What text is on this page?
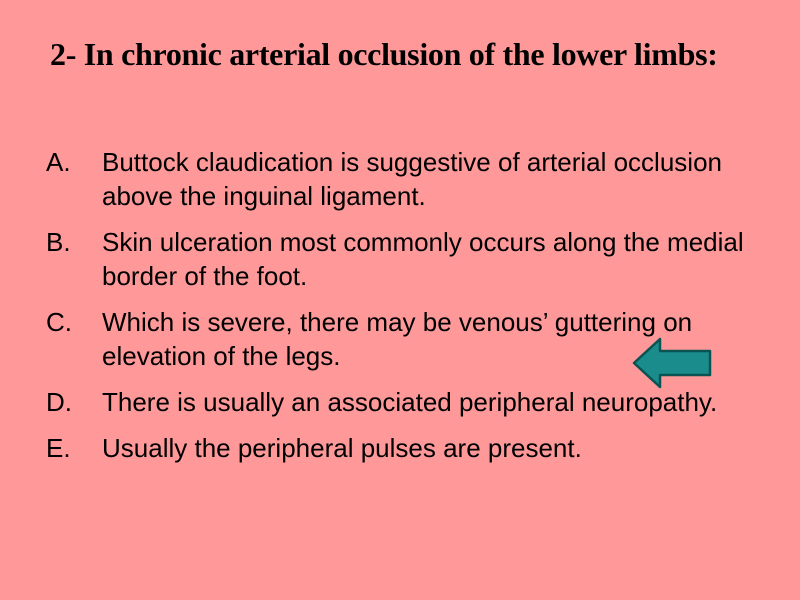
2- In chronic arterial occlusion of the lower limbs:
A. Buttock claudication is suggestive of arterial occlusion above the inguinal ligament.
B. Skin ulceration most commonly occurs along the medial border of the foot.
C. Which is severe, there may be venous’ guttering on elevation of the legs.
D. There is usually an associated peripheral neuropathy.
E. Usually the peripheral pulses are present.
